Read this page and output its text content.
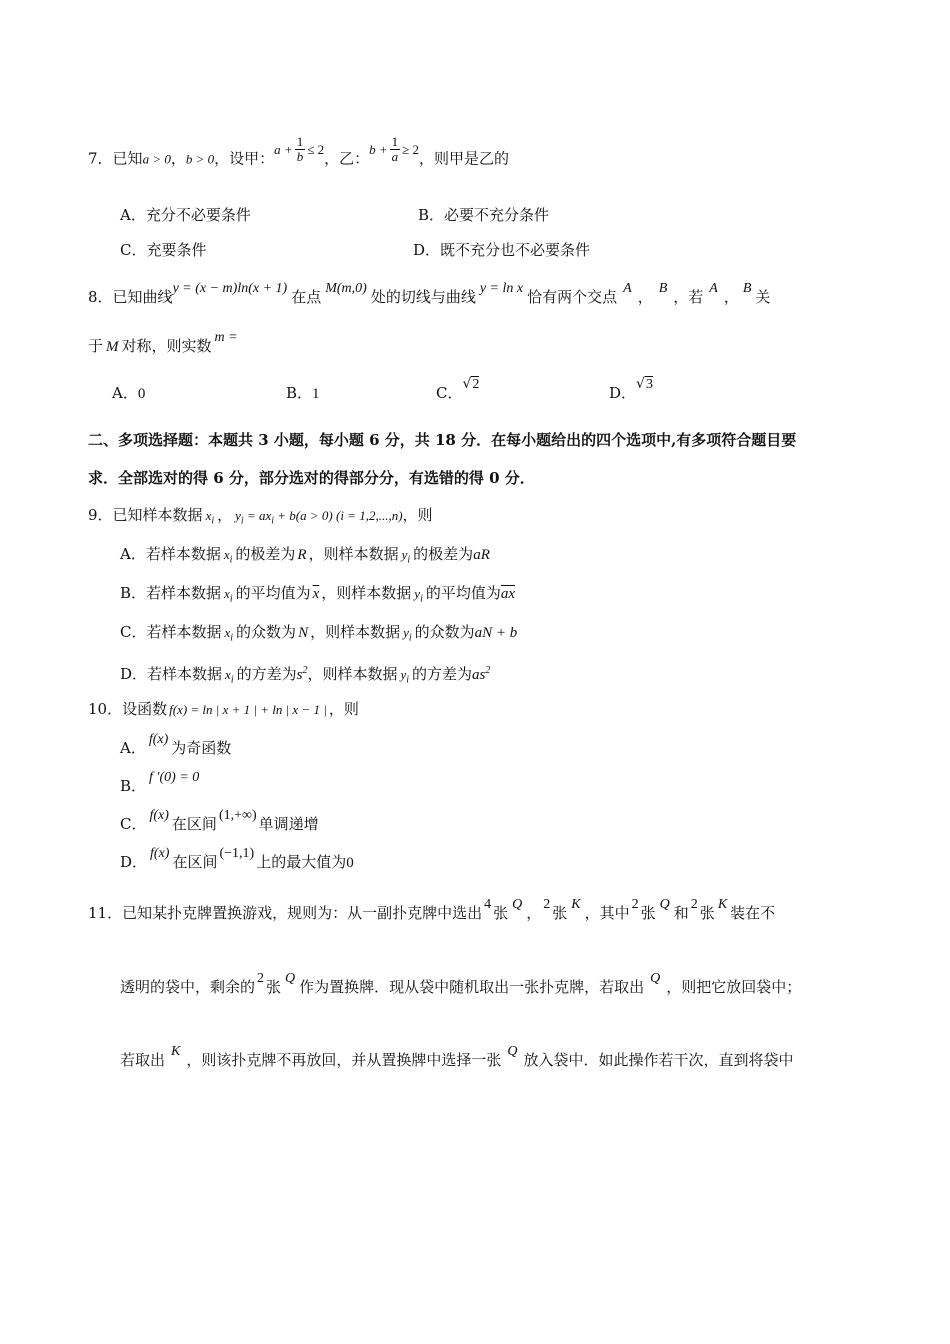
7．已知a > 0，b > 0，设甲：$a + \frac{1}{b} \le 2$，乙：$b + \frac{1}{a} \ge 2$，则甲是乙的
A．充分不必要条件	B．必要不充分条件
C．充要条件	D．既不充分也不必要条件
8．已知曲线y = (x − m)ln(x + 1) 在点 M(m,0) 处的切线与曲线 y = ln x 恰有两个交点 A ， B ，若 A ， B 关
于 M 对称，则实数 m =
A．0	B．1	C．√2	D．√3
二、多项选择题：本题共 3 小题，每小题 6 分，共 18 分．在每小题给出的四个选项中,有多项符合题目要
求．全部选对的得 6 分，部分选对的得部分分，有选错的得 0 分．
9．已知样本数据 $x_i$ ， $y_i = ax_i + b(a > 0) (i = 1,2,...,n)$，则
A．若样本数据 $x_i$ 的极差为 R ，则样本数据 $y_i$ 的极差为aR
B．若样本数据 $x_i$ 的平均值为 $\overline{x}$ ，则样本数据 $y_i$ 的平均值为$\overline{ax}$
C．若样本数据 $x_i$ 的众数为 N ，则样本数据 $y_i$ 的众数为aN + b
D．若样本数据 $x_i$ 的方差为$s^2$，则样本数据 $y_i$ 的方差为$as^2$
10．设函数 f(x) = ln | x + 1 | + ln | x − 1 | ，则
A． f(x) 为奇函数
B． f ′(0) = 0
C． f(x) 在区间 (1,+∞) 单调递增
D． f(x) 在区间 (−1,1) 上的最大值为0
11．已知某扑克牌置换游戏，规则为：从一副扑克牌中选出 4 张 Q ， 2 张 K ，其中 2 张 Q 和 2 张 K 装在不
透明的袋中，剩余的 2 张 Q 作为置换牌．现从袋中随机取出一张扑克牌，若取出 Q ，则把它放回袋中；
若取出 K ，则该扑克牌不再放回，并从置换牌中选择一张 Q 放入袋中．如此操作若干次，直到将袋中
